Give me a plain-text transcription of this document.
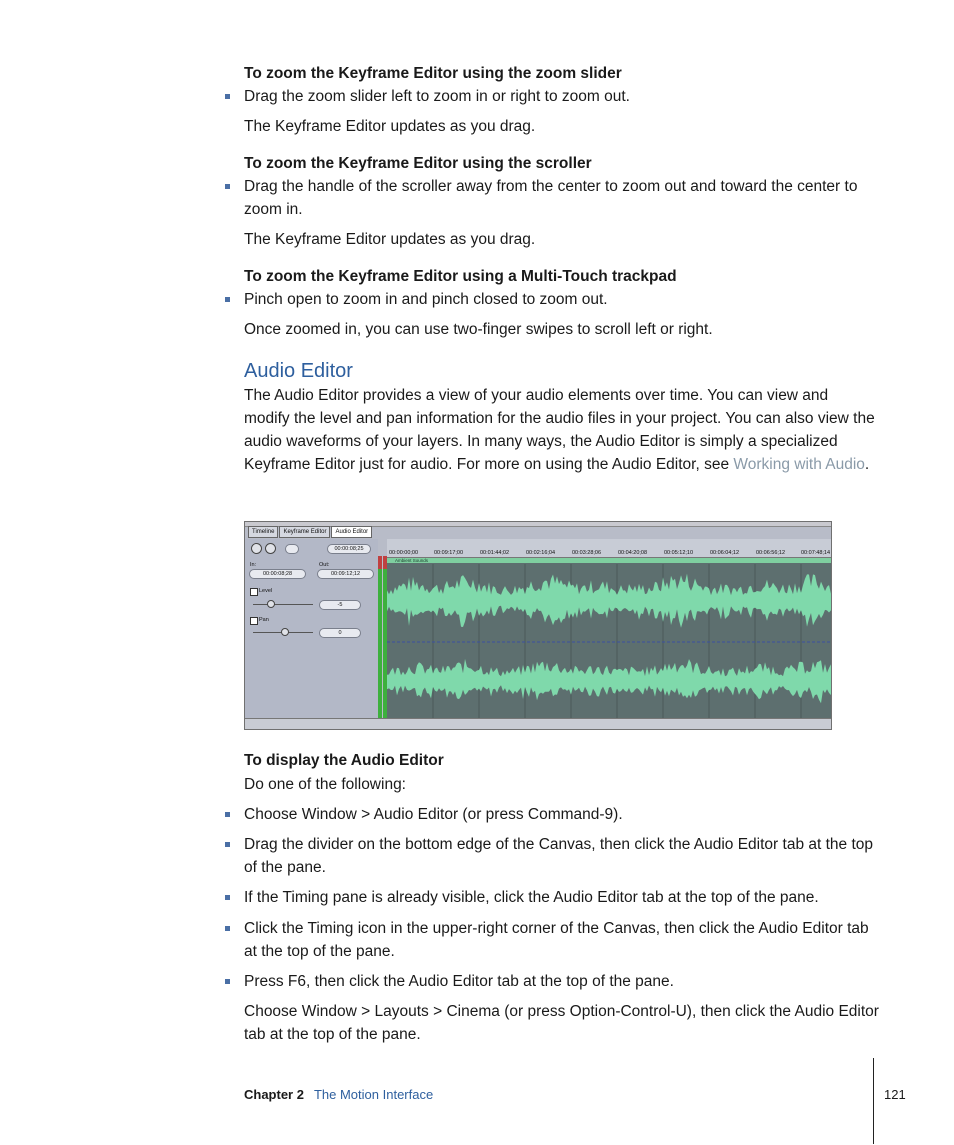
To zoom the Keyframe Editor using the zoom slider
Drag the zoom slider left to zoom in or right to zoom out.
The Keyframe Editor updates as you drag.
To zoom the Keyframe Editor using the scroller
Drag the handle of the scroller away from the center to zoom out and toward the center to zoom in.
The Keyframe Editor updates as you drag.
To zoom the Keyframe Editor using a Multi-Touch trackpad
Pinch open to zoom in and pinch closed to zoom out.
Once zoomed in, you can use two-finger swipes to scroll left or right.
Audio Editor
The Audio Editor provides a view of your audio elements over time. You can view and modify the level and pan information for the audio files in your project. You can also view the audio waveforms of your layers. In many ways, the Audio Editor is simply a specialized Keyframe Editor just for audio. For more on using the Audio Editor, see Working with Audio.
Timeline	Keyframe Editor	Audio Editor
00:00:08;25
In:	Out:
00:00:08;28	00:09:12;12
Level
-5
Pan
0
00:00:00;00	00:09:17;00	00:01:44;02	00:02:16;04	00:03:28;06	00:04:20;08	00:05:12;10	00:06:04;12	00:06:56;12	00:07:48;14
Ambient Sounds
To display the Audio Editor
Do one of the following:
Choose Window > Audio Editor (or press Command-9).
Drag the divider on the bottom edge of the Canvas, then click the Audio Editor tab at the top of the pane.
If the Timing pane is already visible, click the Audio Editor tab at the top of the pane.
Click the Timing icon in the upper-right corner of the Canvas, then click the Audio Editor tab at the top of the pane.
Press F6, then click the Audio Editor tab at the top of the pane.
Choose Window > Layouts > Cinema (or press Option-Control-U), then click the Audio Editor tab at the top of the pane.
Chapter 2 The Motion Interface	121
